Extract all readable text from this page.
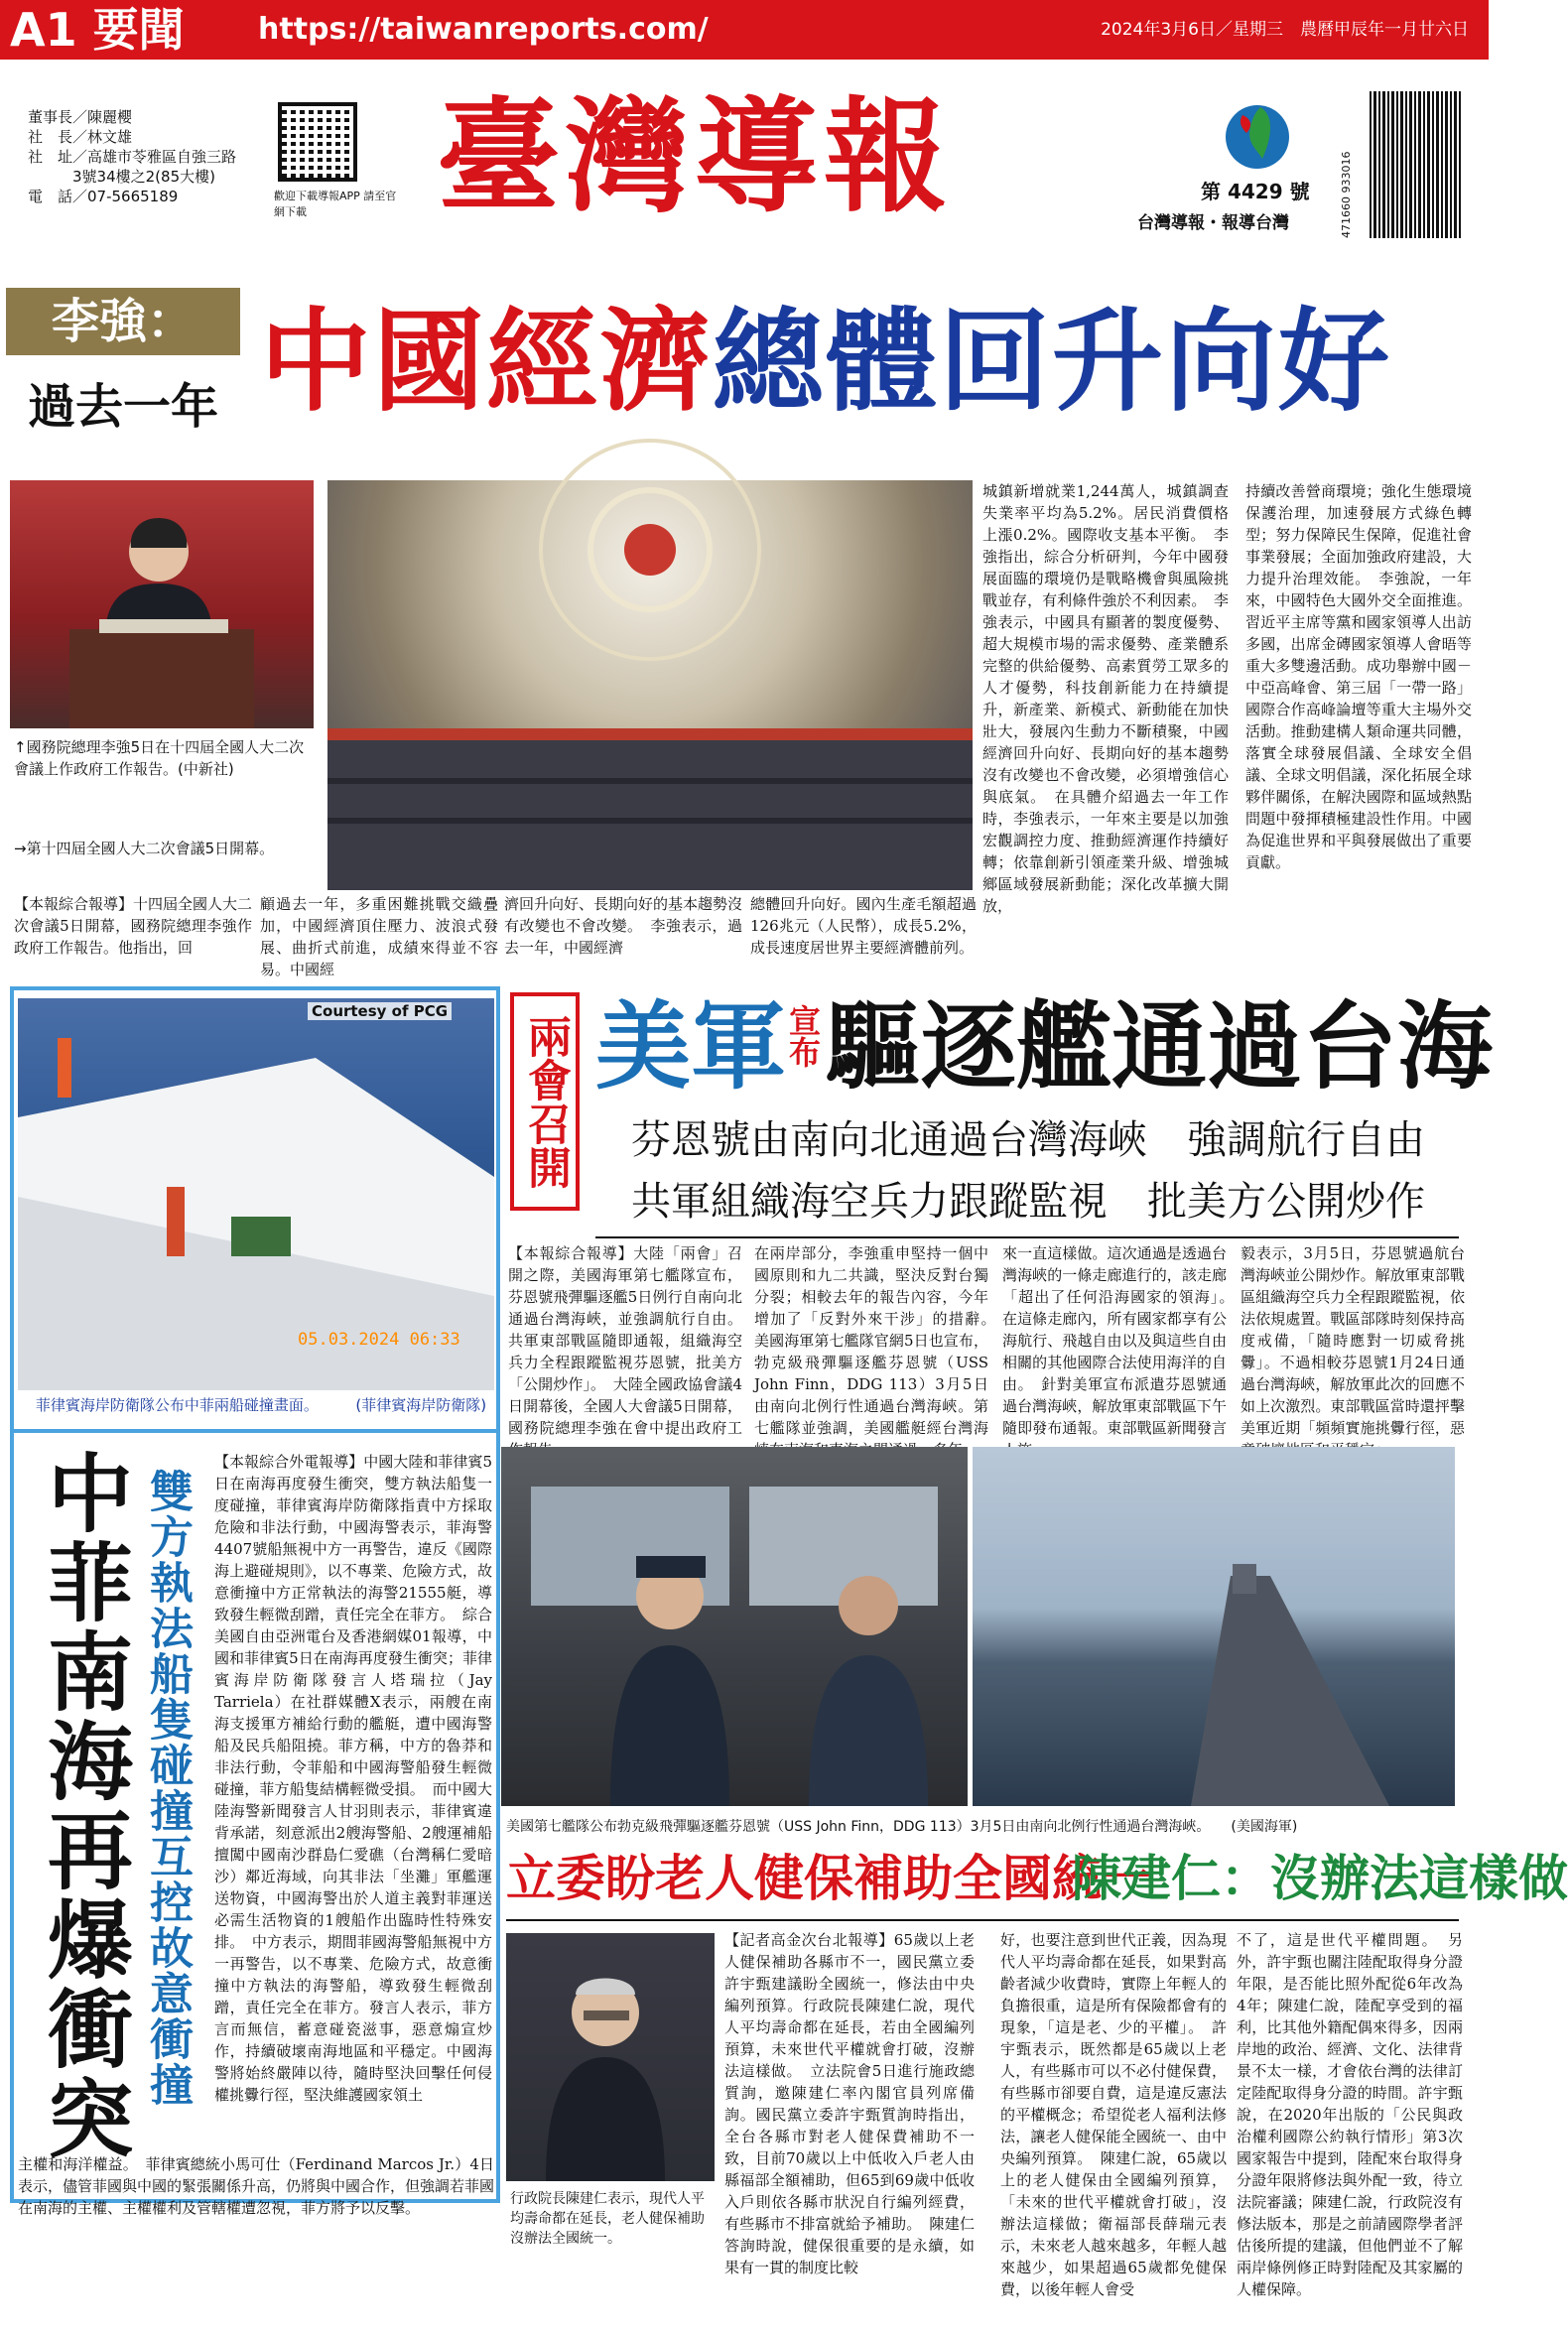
A1 要聞 https://taiwanreports.com/	2024年3月6日／星期三　農曆甲辰年一月廿六日
董事長／陳麗櫻
社　長／林文雄
社　址／高雄市苓雅區自強三路
　　　3號34樓之2(85大樓)
電　話／07-5665189	歡迎下載導報APP 請至官網下載	臺灣導報	第 4429 號
台灣導報・報導台灣	471660 933016
李強：
過去一年 中國經濟總體回升向好
↑國務院總理李強5日在十四屆全國人大二次會議上作政府工作報告。(中新社)
→第十四屆全國人大二次會議5日開幕。
城鎮新增就業1,244萬人，城鎮調查失業率平均為5.2%。居民消費價格上漲0.2%。國際收支基本平衡。　李強指出，綜合分析研判，今年中國發展面臨的環境仍是戰略機會與風險挑戰並存，有利條件強於不利因素。　李強表示，中國具有顯著的製度優勢、超大規模市場的需求優勢、產業體系完整的供給優勢、高素質勞工眾多的人才優勢，科技創新能力在持續提升，新產業、新模式、新動能在加快壯大，發展內生動力不斷積聚，中國經濟回升向好、長期向好的基本趨勢沒有改變也不會改變，必須增強信心與底氣。　在具體介紹過去一年工作時，李強表示，一年來主要是以加強宏觀調控力度、推動經濟運作持續好轉；依靠創新引領產業升級、增強城鄉區域發展新動能；深化改革擴大開放，
持續改善營商環境；強化生態環境保護治理，加速發展方式綠色轉型；努力保障民生保障，促進社會事業發展；全面加強政府建設，大力提升治理效能。　李強說，一年來，中國特色大國外交全面推進。習近平主席等黨和國家領導人出訪多國，出席金磚國家領導人會晤等重大多雙邊活動。成功舉辦中國－中亞高峰會、第三屆「一帶一路」國際合作高峰論壇等重大主場外交活動。推動建構人類命運共同體，落實全球發展倡議、全球安全倡議、全球文明倡議，深化拓展全球夥伴關係，在解決國際和區域熱點問題中發揮積極建設性作用。中國為促進世界和平與發展做出了重要貢獻。
【本報綜合報導】十四屆全國人大二次會議5日開幕，國務院總理李強作政府工作報告。他指出，回
顧過去一年，多重困難挑戰交織疊加，中國經濟頂住壓力、波浪式發展、曲折式前進，成績來得並不容易。中國經
濟回升向好、長期向好的基本趨勢沒有改變也不會改變。　李強表示，過去一年，中國經濟
總體回升向好。國內生產毛額超過126兆元（人民幣），成長5.2%，成長速度居世界主要經濟體前列。
Courtesy of PCG
05.03.2024 06:33
菲律賓海岸防衛隊公布中菲兩船碰撞畫面。　　　(菲律賓海岸防衛隊)
中菲南海再爆衝突 雙方執法船隻碰撞互控故意衝撞
【本報綜合外電報導】中國大陸和菲律賓5日在南海再度發生衝突，雙方執法船隻一度碰撞，菲律賓海岸防衛隊指責中方採取危險和非法行動，中國海警表示，菲海警4407號船無視中方一再警告，違反《國際海上避碰規則》，以不專業、危險方式，故意衝撞中方正常執法的海警21555艇，導致發生輕微刮蹭，責任完全在菲方。　綜合美國自由亞洲電台及香港網媒01報導，中國和菲律賓5日在南海再度發生衝突；菲律賓海岸防衛隊發言人塔瑞拉（Jay Tarriela）在社群媒體X表示，兩艘在南海支援軍方補給行動的艦艇，遭中國海警船及民兵船阻撓。菲方稱，中方的魯莽和非法行動，令菲船和中國海警船發生輕微碰撞，菲方船隻結構輕微受損。　而中國大陸海警新聞發言人甘羽則表示，菲律賓違背承諾，刻意派出2艘海警船、2艘運補船擅闖中國南沙群島仁愛礁（台灣稱仁愛暗沙）鄰近海域，向其非法「坐灘」軍艦運送物資，中國海警出於人道主義對菲運送必需生活物資的1艘船作出臨時性特殊安排。　中方表示，期間菲國海警船無視中方一再警告，以不專業、危險方式，故意衝撞中方執法的海警船，導致發生輕微刮蹭，責任完全在菲方。發言人表示，菲方言而無信，蓄意碰瓷滋事，惡意煽宣炒作，持續破壞南海地區和平穩定。中國海警將始終嚴陣以待，隨時堅決回擊任何侵權挑釁行徑，堅決維護國家領土
主權和海洋權益。　菲律賓總統小馬可仕（Ferdinand Marcos Jr.）4日表示，儘管菲國與中國的緊張關係升高，仍將與中國合作，但強調若菲國在南海的主權、主權權利及管轄權遭忽視，菲方將予以反擊。
兩會召開 美軍宣布驅逐艦通過台海
芬恩號由南向北通過台灣海峽　強調航行自由
共軍組織海空兵力跟蹤監視　批美方公開炒作
【本報綜合報導】大陸「兩會」召開之際，美國海軍第七艦隊宣布，芬恩號飛彈驅逐艦5日例行自南向北通過台灣海峽，並強調航行自由。共軍東部戰區隨即通報，組織海空兵力全程跟蹤監視芬恩號，批美方「公開炒作」。　大陸全國政協會議4日開幕後，全國人大會議5日開幕，國務院總理李強在會中提出政府工
在兩岸部分，李強重申堅持一個中國原則和九二共識，堅決反對台獨分裂；相較去年的報告內容，今年增加了「反對外來干涉」的措辭。　美國海軍第七艦隊官網5日也宣布，勃克級飛彈驅逐艦芬恩號（USS John Finn，DDG 113）3月5日由南向北例行性通過台灣海峽。第七艦隊並強調，美國艦艇經台灣海
來一直這樣做。這次通過是透過台灣海峽的一條走廊進行的，該走廊「超出了任何沿海國家的領海」。　在這條走廊內，所有國家都享有公海航行、飛越自由以及與這些自由相關的其他國際合法使用海洋的自由。　針對美軍宣布派遣芬恩號通過台灣海峽，解放軍東部戰區下午隨即發布通報。東部戰區新聞發言
毅表示，3月5日，芬恩號過航台灣海峽並公開炒作。解放軍東部戰區組織海空兵力全程跟蹤監視，依法依規處置。戰區部隊時刻保持高度戒備，「隨時應對一切威脅挑釁」。不過相較芬恩號1月24日通過台灣海峽，解放軍此次的回應不如上次激烈。東部戰區當時還抨擊美軍近期「頻頻實施挑釁行徑，惡
美國第七艦隊公布勃克級飛彈驅逐艦芬恩號（USS John Finn，DDG 113）3月5日由南向北例行性通過台灣海峽。　　(美國海軍)
立委盼老人健保補助全國統一
陳建仁：沒辦法這樣做
行政院長陳建仁表示，現代人平均壽命都在延長，老人健保補助沒辦法全國統一。
【記者高金次台北報導】65歲以上老人健保補助各縣市不一，國民黨立委許宇甄建議盼全國統一，修法由中央編列預算。行政院長陳建仁說，現代人平均壽命都在延長，若由全國編列預算，未來世代平權就會打破，沒辦法這樣做。　立法院會5日進行施政總質詢，邀陳建仁率內閣官員列席備詢。國民黨立委許宇甄質詢時指出，全台各縣市對老人健保費補助不一致，目前70歲以上中低收入戶老人由縣福部全額補助，但65到69歲中低收入戶則依各縣市狀況自行編列經費，有些縣市不排富就給予補助。　陳建仁答詢時說，健保很重要的是永續，如果有一貫的制度比較
好，也要注意到世代正義，因為現代人平均壽命都在延長，如果對高齡者減少收費時，實際上年輕人的負擔很重，這是所有保險都會有的現象，「這是老、少的平權」。　許宇甄表示，既然都是65歲以上老人，有些縣市可以不必付健保費，有些縣市卻要自費，這是違反憲法的平權概念；希望從老人福利法修法，讓老人健保能全國統一、由中央編列預算。　陳建仁說，65歲以上的老人健保由全國編列預算，「未來的世代平權就會打破」，沒辦法這樣做；衛福部長薛瑞元表示，未來老人越來越多，年輕人越來越少，如果超過65歲都免健保費，以後年輕人會受
不了，這是世代平權問題。　另外，許宇甄也關注陸配取得身分證年限，是否能比照外配從6年改為4年；陳建仁說，陸配享受到的福利，比其他外籍配偶來得多，因兩岸地的政治、經濟、文化、法律背景不太一樣，才會依台灣的法律訂定陸配取得身分證的時間。許宇甄說，在2020年出版的「公民與政治權利國際公約執行情形」第3次國家報告中提到，陸配來台取得身分證年限將修法與外配一致，待立法院審議；陳建仁說，行政院沒有修法版本，那是之前請國際學者評估後所提的建議，但他們並不了解兩岸條例修正時對陸配及其家屬的人權保障。
